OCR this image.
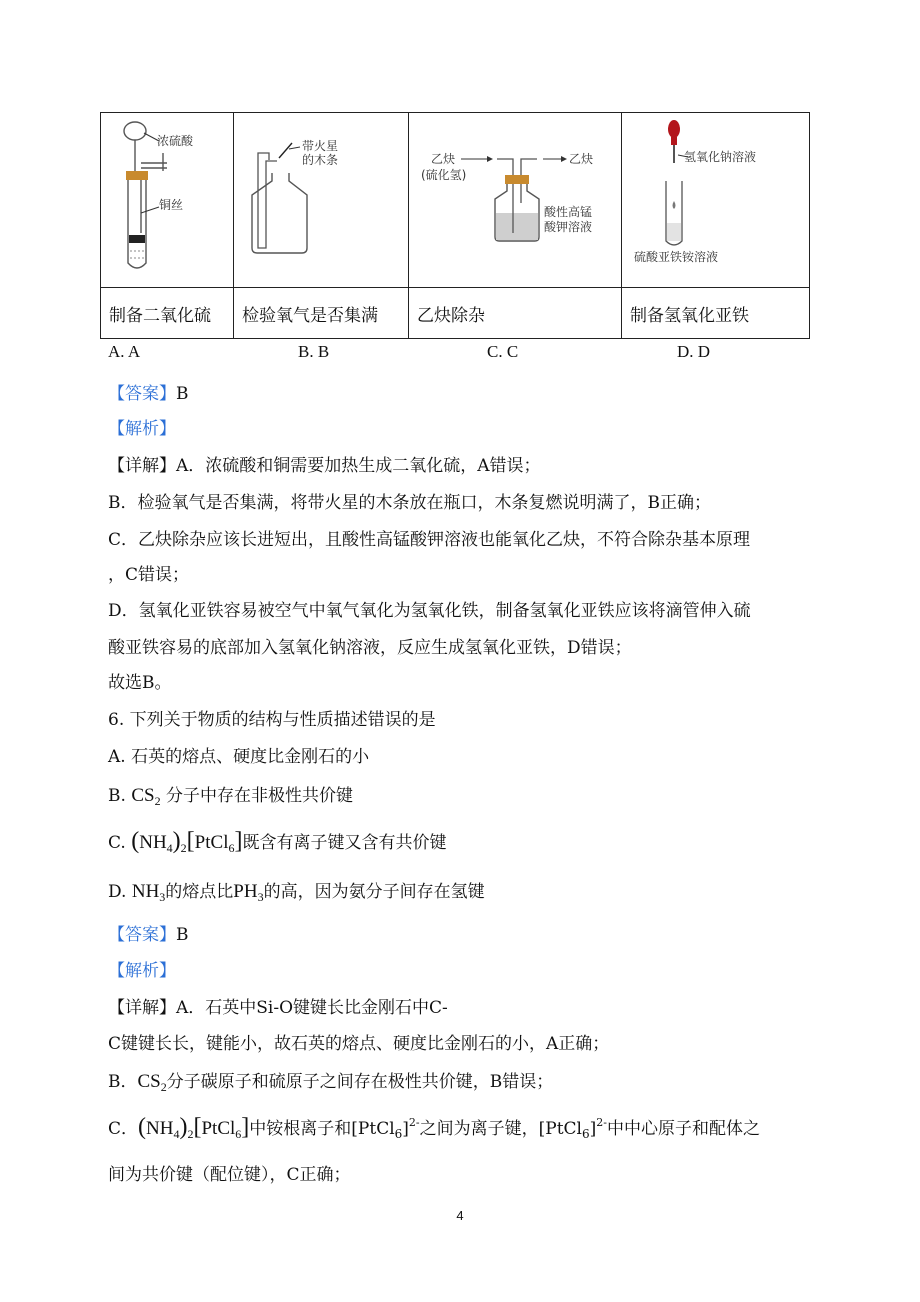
浓硫酸
铜丝	带火星
的木条	乙炔
(硫化氢)
乙炔
酸性高锰
酸钾溶液	氢氧化钠溶液
硫酸亚铁铵溶液

制备二氧化硫	检验氧气是否集满	乙炔除杂	制备氢氧化亚铁
A. A	B. B	C. C	D. D
【答案】B
【解析】
【详解】A．浓硫酸和铜需要加热生成二氧化硫，A错误；
B．检验氧气是否集满，将带火星的木条放在瓶口，木条复燃说明满了，B正确；
C．乙炔除杂应该长进短出，且酸性高锰酸钾溶液也能氧化乙炔，不符合除杂基本原理
，C错误；
D．氢氧化亚铁容易被空气中氧气氧化为氢氧化铁，制备氢氧化亚铁应该将滴管伸入硫
酸亚铁容易的底部加入氢氧化钠溶液，反应生成氢氧化亚铁，D错误；
故选B。
6. 下列关于物质的结构与性质描述错误的是
A. 石英的熔点、硬度比金刚石的小
B. $CS_2$ 分子中存在非极性共价键
C. $(NH_4)_2[PtCl_6]$既含有离子键又含有共价键
D. $NH_3$的熔点比$PH_3$的高，因为氨分子间存在氢键
【答案】B
【解析】
【详解】A．石英中Si-O键键长比金刚石中C-
C键键长长，键能小，故石英的熔点、硬度比金刚石的小，A正确；
B．$CS_2$分子碳原子和硫原子之间存在极性共价键，B错误；
C．$(NH_4)_2[PtCl_6]$中铵根离子和[PtCl$_6$]$^{2-}$之间为离子键，[PtCl$_6$]$^{2-}$中中心原子和配体之
间为共价键（配位键），C正确；
4
